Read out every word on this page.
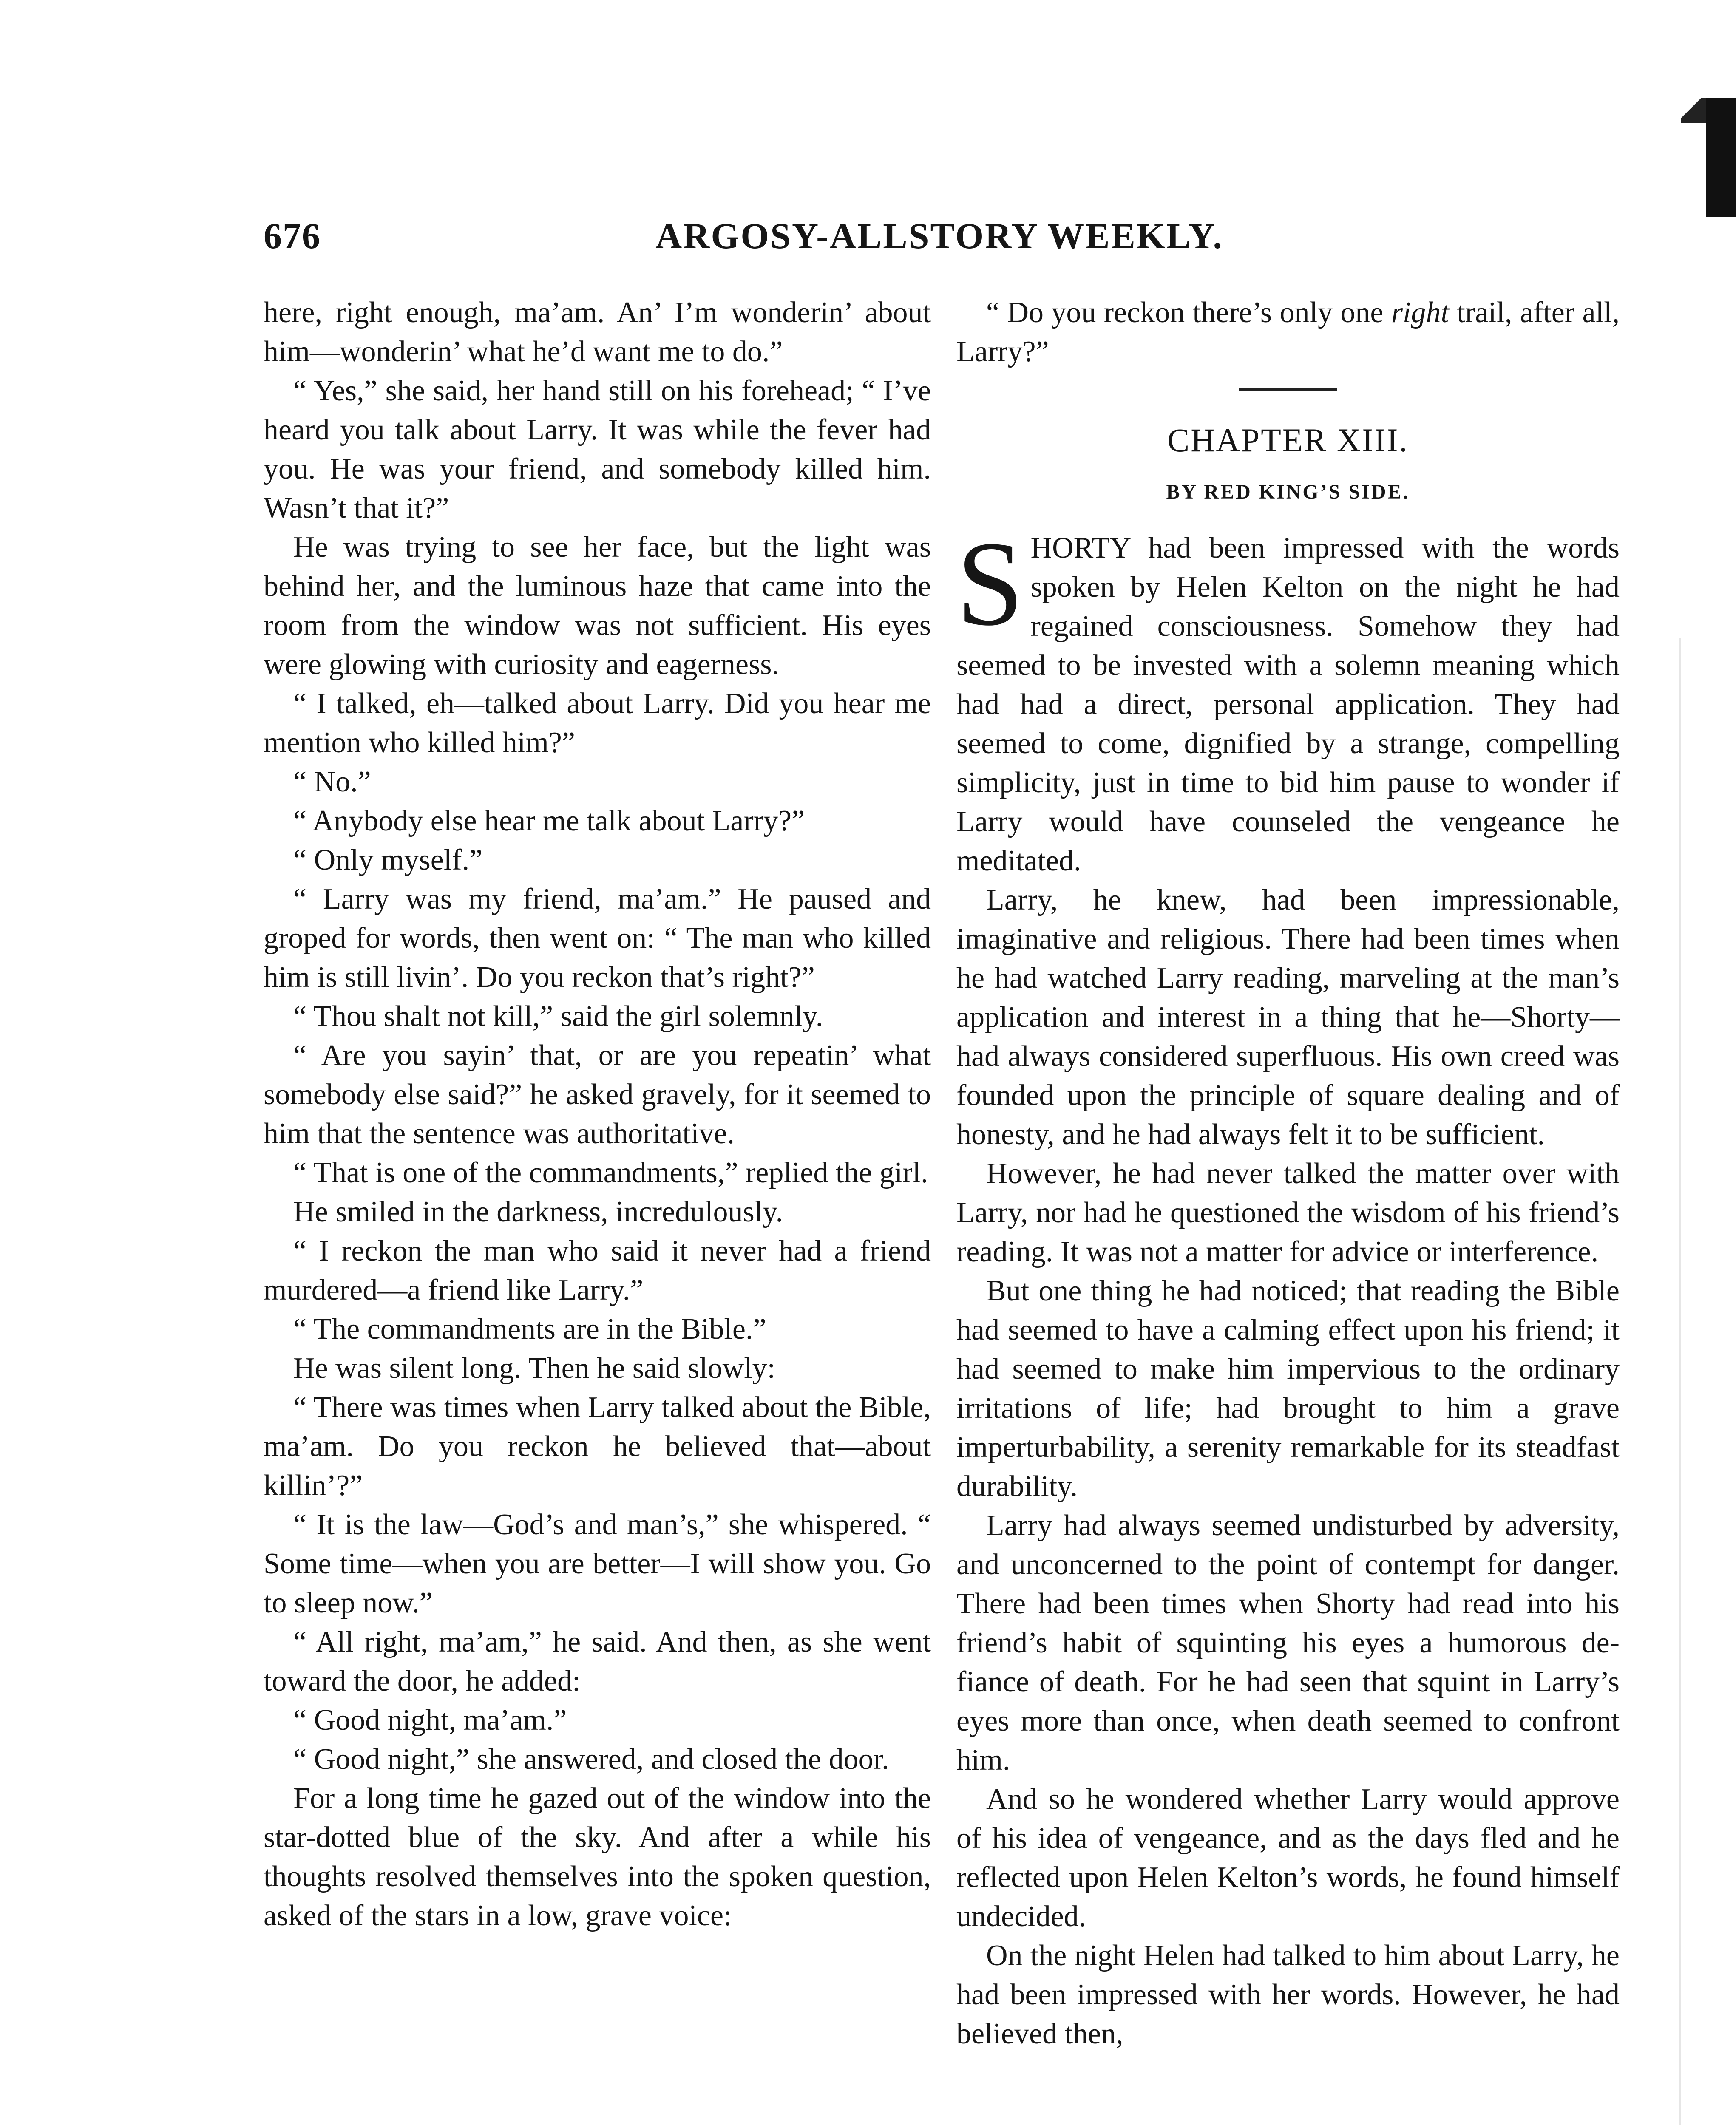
676	ARGOSY-ALLSTORY WEEKLY.

here, right enough, ma’am. An’ I’m wonderin’ about him—wonderin’ what he’d want me to do.”

“ Yes,” she said, her hand still on his forehead; “ I’ve heard you talk about Larry. It was while the fever had you. He was your friend, and somebody killed him. Wasn’t that it?”

He was trying to see her face, but the light was behind her, and the luminous haze that came into the room from the window was not sufficient. His eyes were glowing with curiosity and eagerness.

“ I talked, eh—talked about Larry. Did you hear me mention who killed him?”

“ No.”

“ Anybody else hear me talk about Larry?”

“ Only myself.”

“ Larry was my friend, ma’am.” He paused and groped for words, then went on: “ The man who killed him is still livin’. Do you reckon that’s right?”

“ Thou shalt not kill,” said the girl solemnly.

“ Are you sayin’ that, or are you repeatin’ what somebody else said?” he asked gravely, for it seemed to him that the sentence was authoritative.

“ That is one of the commandments,” replied the girl.

He smiled in the darkness, incredulously.

“ I reckon the man who said it never had a friend murdered—a friend like Larry.”

“ The commandments are in the Bible.”

He was silent long. Then he said slowly:

“ There was times when Larry talked about the Bible, ma’am. Do you reckon he believed that—about killin’?”

“ It is the law—God’s and man’s,” she whispered. “ Some time—when you are better—I will show you. Go to sleep now.”

“ All right, ma’am,” he said. And then, as she went toward the door, he added:

“ Good night, ma’am.”

“ Good night,” she answered, and closed the door.

For a long time he gazed out of the window into the star-dotted blue of the sky. And after a while his thoughts resolved themselves into the spoken question, asked of the stars in a low, grave voice:

“ Do you reckon there’s only one right trail, after all, Larry?”

CHAPTER XIII.
BY RED KING’S SIDE.

SHORTY had been impressed with the words spoken by Helen Kelton on the night he had regained consciousness. Somehow they had seemed to be invested with a solemn meaning which had had a direct, personal application. They had seemed to come, dignified by a strange, compelling simplicity, just in time to bid him pause to wonder if Larry would have counseled the vengeance he meditated.

Larry, he knew, had been impressionable, imaginative and religious. There had been times when he had watched Larry reading, marveling at the man’s application and interest in a thing that he—Shorty—had always considered superfluous. His own creed was founded upon the principle of square dealing and of honesty, and he had always felt it to be sufficient.

However, he had never talked the matter over with Larry, nor had he questioned the wisdom of his friend’s reading. It was not a matter for advice or interference.

But one thing he had noticed; that reading the Bible had seemed to have a calming effect upon his friend; it had seemed to make him impervious to the ordinary irritations of life; had brought to him a grave imperturbability, a serenity remarkable for its steadfast durability.

Larry had always seemed undisturbed by adversity, and unconcerned to the point of contempt for danger. There had been times when Shorty had read into his friend’s habit of squinting his eyes a humorous defiance of death. For he had seen that squint in Larry’s eyes more than once, when death seemed to confront him.

And so he wondered whether Larry would approve of his idea of vengeance, and as the days fled and he reflected upon Helen Kelton’s words, he found himself undecided.

On the night Helen had talked to him about Larry, he had been impressed with her words. However, he had believed then,
